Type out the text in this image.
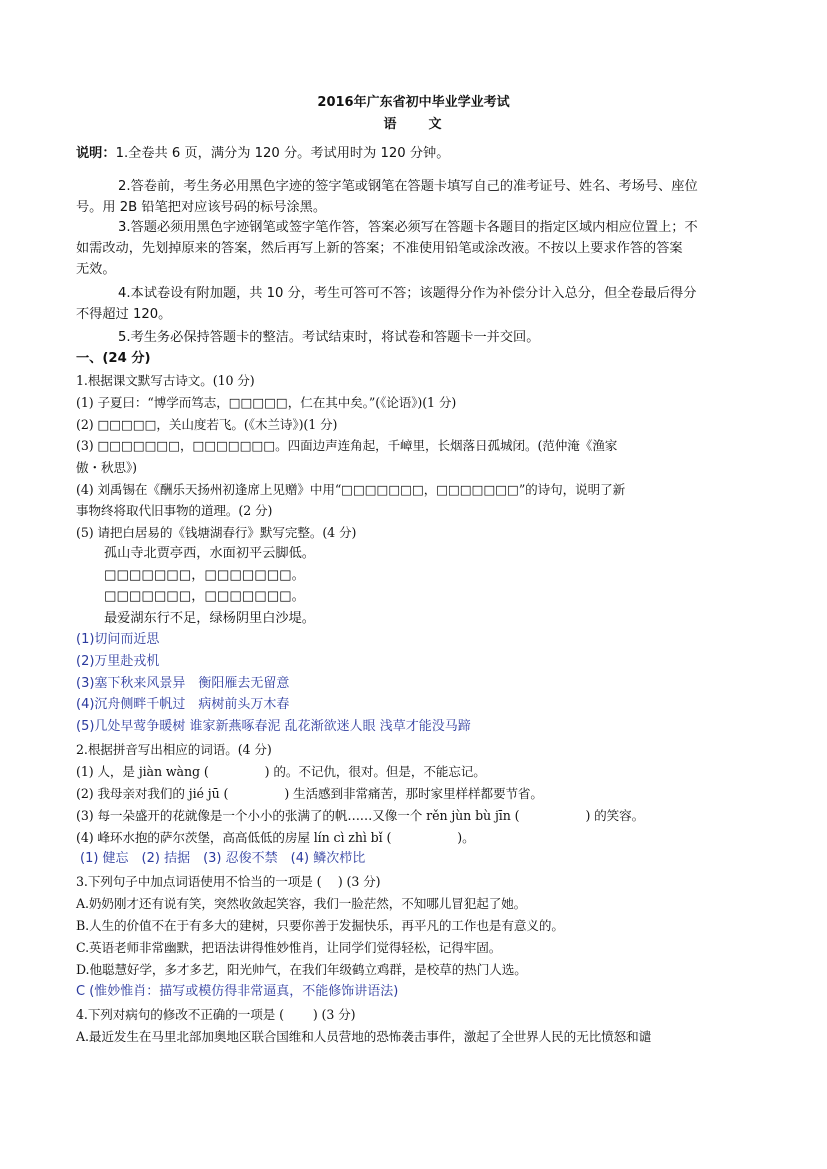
2016年广东省初中毕业学业考试
语　　文
说明：1.全卷共 6 页，满分为 120 分。考试用时为 120 分钟。
2.答卷前，考生务必用黑色字迹的签字笔或钢笔在答题卡填写自己的准考证号、姓名、考场号、座位
号。用 2B 铅笔把对应该号码的标号涂黑。
3.答题必须用黑色字迹钢笔或签字笔作答，答案必须写在答题卡各题目的指定区域内相应位置上；不
如需改动，先划掉原来的答案，然后再写上新的答案；不准使用铅笔或涂改液。不按以上要求作答的答案
无效。
4.本试卷设有附加题，共 10 分，考生可答可不答；该题得分作为补偿分计入总分，但全卷最后得分
不得超过 120。
5.考生务必保持答题卡的整洁。考试结束时，将试卷和答题卡一并交回。
一、(24 分)
1.根据课文默写古诗文。(10 分)
(1) 子夏曰：“博学而笃志，□□□□□，仁在其中矣。”(《论语》)(1 分)
(2) □□□□□，关山度若飞。(《木兰诗》)(1 分)
(3) □□□□□□□，□□□□□□□。四面边声连角起，千嶂里，长烟落日孤城闭。(范仲淹《渔家
傲・秋思》)
(4) 刘禹锡在《酬乐天扬州初逢席上见赠》中用“□□□□□□□，□□□□□□□”的诗句，说明了新
事物终将取代旧事物的道理。(2 分)
(5) 请把白居易的《钱塘湖春行》默写完整。(4 分)
孤山寺北贾亭西，水面初平云脚低。
□□□□□□□，□□□□□□□。
□□□□□□□，□□□□□□□。
最爱湖东行不足，绿杨阴里白沙堤。
(1)切问而近思
(2)万里赴戎机
(3)塞下秋来风景异　衡阳雁去无留意
(4)沉舟侧畔千帆过　病树前头万木春
(5)几处早莺争暖树 谁家新燕啄春泥 乱花渐欲迷人眼 浅草才能没马蹄
2.根据拼音写出相应的词语。(4 分)
(1) 人，是 jiàn wàng (	) 的。不记仇，很对。但是，不能忘记。
(2) 我母亲对我们的 jié jū (	) 生活感到非常痛苦，那时家里样样都要节省。
(3) 每一朵盛开的花就像是一个小小的张满了的帆……又像一个 rěn jùn bù jīn (	) 的笑容。
(4) 峰环水抱的萨尔茨堡，高高低低的房屋 lín cì zhì bǐ (	)。
(1) 健忘　(2) 拮据　(3) 忍俊不禁　(4) 鳞次栉比
3.下列句子中加点词语使用不恰当的一项是 (　 ) (3 分)
A.奶奶刚才还有说有笑，突然收敛起笑容，我们一脸茫然，不知哪儿冒犯起了她。
B.人生的价值不在于有多大的建树，只要你善于发掘快乐，再平凡的工作也是有意义的。
C.英语老师非常幽默，把语法讲得惟妙惟肖，让同学们觉得轻松，记得牢固。
D.他聪慧好学，多才多艺，阳光帅气，在我们年级鹤立鸡群，是校草的热门人选。
C (惟妙惟肖：描写或模仿得非常逼真，不能修饰讲语法)
4.下列对病句的修改不正确的一项是 (　　 ) (3 分)
A.最近发生在马里北部加奥地区联合国维和人员营地的恐怖袭击事件，激起了全世界人民的无比愤怒和谴
